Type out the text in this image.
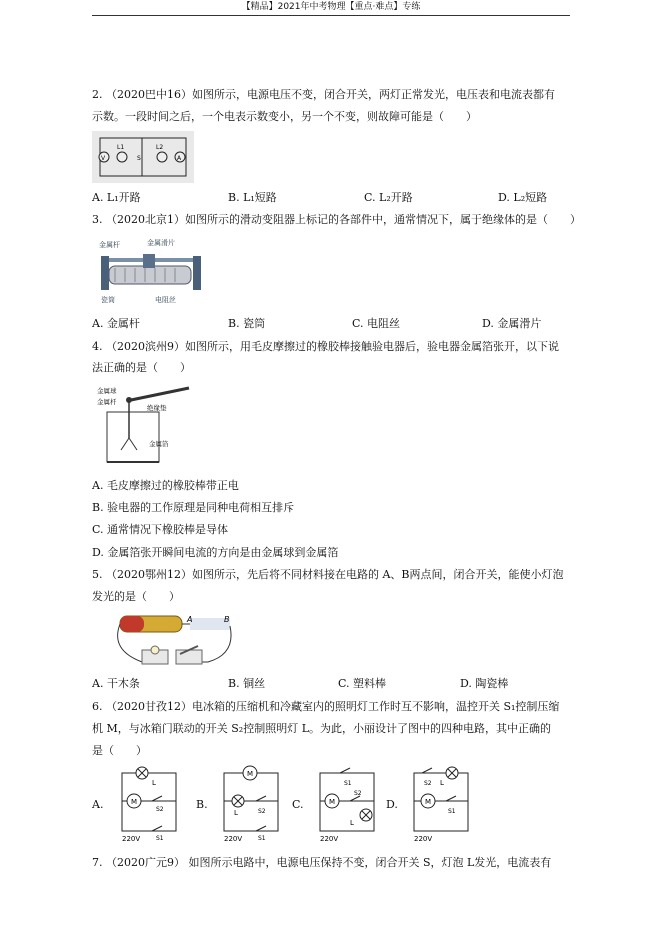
【精品】2021年中考物理【重点·难点】专练
2. （2020巴中16）如图所示，电源电压不变，闭合开关，两灯正常发光，电压表和电流表都有
示数。一段时间之后，一个电表示数变小，另一个不变，则故障可能是（　　）
V
L1
S
L2
A
A. L₁开路	B. L₁短路	C. L₂开路	D. L₂短路
3. （2020北京1）如图所示的滑动变阻器上标记的各部件中，通常情况下，属于绝缘体的是（　　）
金属杆	金属滑片
瓷筒	电阻丝
A. 金属杆	B. 瓷筒	C. 电阻丝	D. 金属滑片
4. （2020滨州9）如图所示，用毛皮摩擦过的橡胶棒接触验电器后，验电器金属箔张开，以下说
法正确的是（　　）
金属球
金属杆
绝缘垫
金属箔
A. 毛皮摩擦过的橡胶棒带正电
B. 验电器的工作原理是同种电荷相互排斥
C. 通常情况下橡胶棒是导体
D. 金属箔张开瞬间电流的方向是由金属球到金属箔
5. （2020鄂州12）如图所示，先后将不同材料接在电路的 A、B两点间，闭合开关，能使小灯泡
发光的是（　　）
A	B
A. 干木条	B. 铜丝	C. 塑料棒	D. 陶瓷棒
6. （2020甘孜12）电冰箱的压缩机和冷藏室内的照明灯工作时互不影响，温控开关 S₁控制压缩
机 M，与冰箱门联动的开关 S₂控制照明灯 L。为此，小丽设计了图中的四种电路，其中正确的
是（　　）
A.
L
M
S2
S1
220V
B.
M
L	S2
S1
220V
C.
S1
M
S2
L
220V
D.
S2 L
M
S1
220V
7. （2020广元9） 如图所示电路中，电源电压保持不变，闭合开关 S，灯泡 L发光，电流表有
